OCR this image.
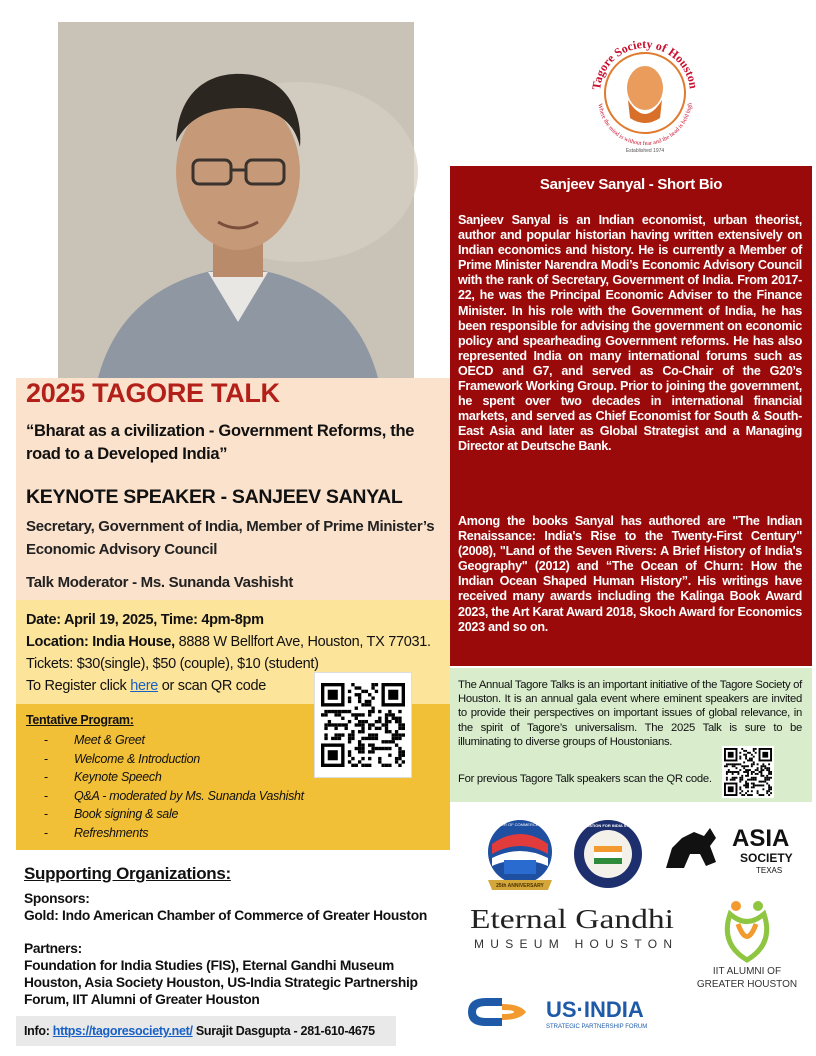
Tagore Society of Houston
Where the mind is without fear and the head is held high
Established 1974
2025 TAGORE TALK
“Bharat as a civilization - Government Reforms, the road to a Developed India”
KEYNOTE SPEAKER - SANJEEV SANYAL
Secretary, Government of India, Member of Prime Minister’s Economic Advisory Council
Talk Moderator - Ms. Sunanda Vashisht
Date: April 19, 2025, Time: 4pm-8pm
Location: India House, 8888 W Bellfort Ave, Houston, TX 77031.
Tickets: $30(single), $50 (couple), $10 (student)
To Register click here or scan QR code
Tentative Program:
- Meet & Greet
- Welcome & Introduction
- Keynote Speech
- Q&A - moderated by Ms. Sunanda Vashisht
- Book signing & sale
- Refreshments
Sanjeev Sanyal - Short Bio
Sanjeev Sanyal is an Indian economist, urban theorist, author and popular historian having written extensively on Indian economics and history. He is currently a Member of Prime Minister Narendra Modi’s Economic Advisory Council with the rank of Secretary, Government of India. From 2017-22, he was the Principal Economic Adviser to the Finance Minister. In his role with the Government of India, he has been responsible for advising the government on economic policy and spearheading Government reforms. He has also represented India on many international forums such as OECD and G7, and served as Co-Chair of the G20’s Framework Working Group. Prior to joining the government, he spent over two decades in international financial markets, and served as Chief Economist for South & South-East Asia and later as Global Strategist and a Managing Director at Deutsche Bank.
Among the books Sanyal has authored are "The Indian Renaissance: India's Rise to the Twenty-First Century" (2008), "Land of the Seven Rivers: A Brief History of India's Geography" (2012) and “The Ocean of Churn: How the Indian Ocean Shaped Human History”. His writings have received many awards including the Kalinga Book Award 2023, the Art Karat Award 2018, Skoch Award for Economics 2023 and so on.
The Annual Tagore Talks is an important initiative of the Tagore Society of Houston. It is an annual gala event where eminent speakers are invited to provide their perspectives on important issues of global relevance, in the spirit of Tagore’s universalism. The 2025 Talk is sure to be illuminating to diverse groups of Houstonians.
For previous Tagore Talk speakers scan the QR code.
Supporting Organizations:
Sponsors:
Gold: Indo American Chamber of Commerce of Greater Houston
Partners:
Foundation for India Studies (FIS), Eternal Gandhi Museum Houston, Asia Society Houston, US-India Strategic Partnership Forum, IIT Alumni of Greater Houston
Info: https://tagoresociety.net/ Surajit Dasgupta - 281-610-4675
25th ANNIVERSARY
INDO AMERICAN CHAMBER OF COMMERCE OF GREATER HOUSTON
FOUNDATION FOR INDIA STUDIES	ASIA
SOCIETY
TEXAS
Eternal Gandhi
MUSEUM HOUSTON
IIT ALUMNI OF
GREATER HOUSTON
US·INDIA
STRATEGIC PARTNERSHIP FORUM
